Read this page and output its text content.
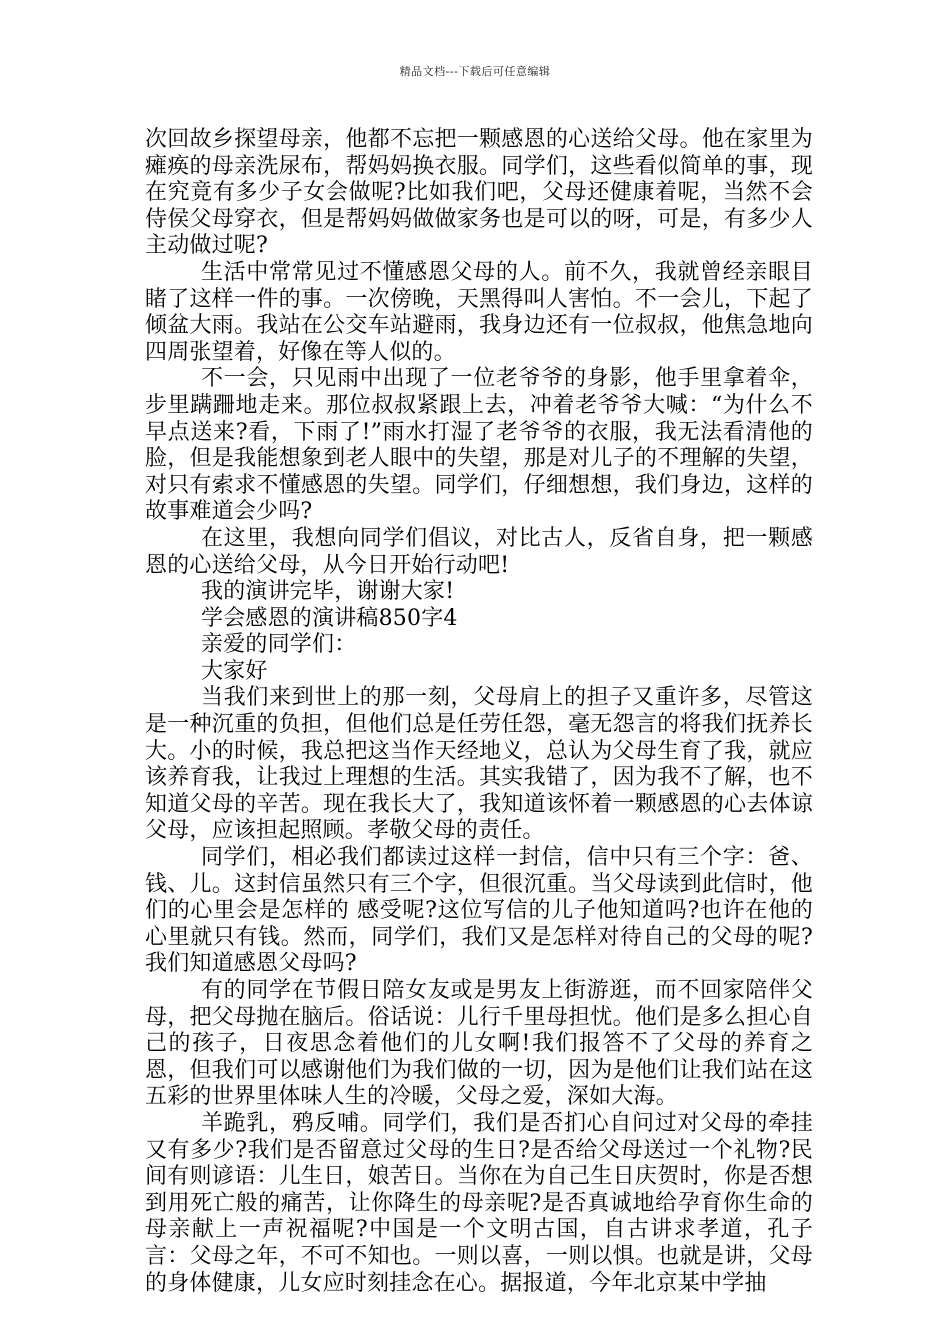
精品文档---下载后可任意编辑

次回故乡探望母亲，他都不忘把一颗感恩的心送给父母。他在家里为瘫痪的母亲洗尿布，帮妈妈换衣服。同学们，这些看似简单的事，现在究竟有多少子女会做呢?比如我们吧，父母还健康着呢，当然不会侍侯父母穿衣，但是帮妈妈做做家务也是可以的呀，可是，有多少人主动做过呢?

生活中常常见过不懂感恩父母的人。前不久，我就曾经亲眼目睹了这样一件的事。一次傍晚，天黑得叫人害怕。不一会儿，下起了倾盆大雨。我站在公交车站避雨，我身边还有一位叔叔，他焦急地向四周张望着，好像在等人似的。

不一会，只见雨中出现了一位老爷爷的身影，他手里拿着伞，步里蹒跚地走来。那位叔叔紧跟上去，冲着老爷爷大喊：“为什么不早点送来?看，下雨了!”雨水打湿了老爷爷的衣服，我无法看清他的脸，但是我能想象到老人眼中的失望，那是对儿子的不理解的失望，对只有索求不懂感恩的失望。同学们，仔细想想，我们身边，这样的故事难道会少吗?

在这里，我想向同学们倡议，对比古人，反省自身，把一颗感恩的心送给父母，从今日开始行动吧!

我的演讲完毕，谢谢大家!

学会感恩的演讲稿850字4

亲爱的同学们：

大家好

当我们来到世上的那一刻，父母肩上的担子又重许多，尽管这是一种沉重的负担，但他们总是任劳任怨，毫无怨言的将我们抚养长大。小的时候，我总把这当作天经地义，总认为父母生育了我，就应该养育我，让我过上理想的生活。其实我错了，因为我不了解，也不知道父母的辛苦。现在我长大了，我知道该怀着一颗感恩的心去体谅父母，应该担起照顾。孝敬父母的责任。

同学们，相必我们都读过这样一封信，信中只有三个字：爸、钱、儿。这封信虽然只有三个字，但很沉重。当父母读到此信时，他们的心里会是怎样的 感受呢?这位写信的儿子他知道吗?也许在他的心里就只有钱。然而，同学们，我们又是怎样对待自己的父母的呢?我们知道感恩父母吗?

有的同学在节假日陪女友或是男友上街游逛，而不回家陪伴父母，把父母抛在脑后。俗话说：儿行千里母担忧。他们是多么担心自己的孩子，日夜思念着他们的儿女啊!我们报答不了父母的养育之恩，但我们可以感谢他们为我们做的一切，因为是他们让我们站在这五彩的世界里体味人生的冷暖，父母之爱，深如大海。

羊跪乳，鸦反哺。同学们，我们是否扪心自问过对父母的牵挂又有多少?我们是否留意过父母的生日?是否给父母送过一个礼物?民间有则谚语：儿生日，娘苦日。当你在为自己生日庆贺时，你是否想到用死亡般的痛苦，让你降生的母亲呢?是否真诚地给孕育你生命的母亲献上一声祝福呢?中国是一个文明古国，自古讲求孝道，孔子言：父母之年，不可不知也。一则以喜，一则以惧。也就是讲，父母的身体健康，儿女应时刻挂念在心。据报道，今年北京某中学抽
